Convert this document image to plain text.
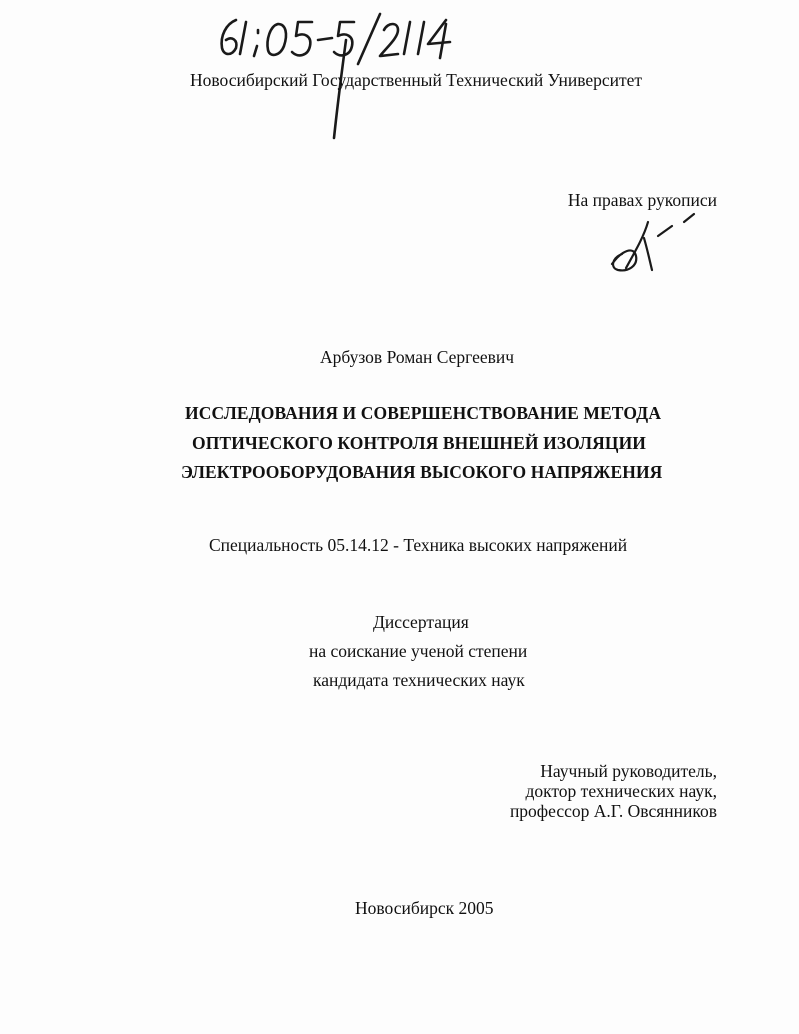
Новосибирский Государственный Технический Университет
На правах рукописи
Арбузов Роман Сергеевич
ИССЛЕДОВАНИЯ И СОВЕРШЕНСТВОВАНИЕ МЕТОДА
ОПТИЧЕСКОГО КОНТРОЛЯ ВНЕШНЕЙ ИЗОЛЯЦИИ
ЭЛЕКТРООБОРУДОВАНИЯ ВЫСОКОГО НАПРЯЖЕНИЯ
Специальность 05.14.12 - Техника высоких напряжений
Диссертация
на соискание ученой степени
кандидата технических наук
Научный руководитель,
доктор технических наук,
профессор А.Г. Овсянников
Новосибирск 2005
